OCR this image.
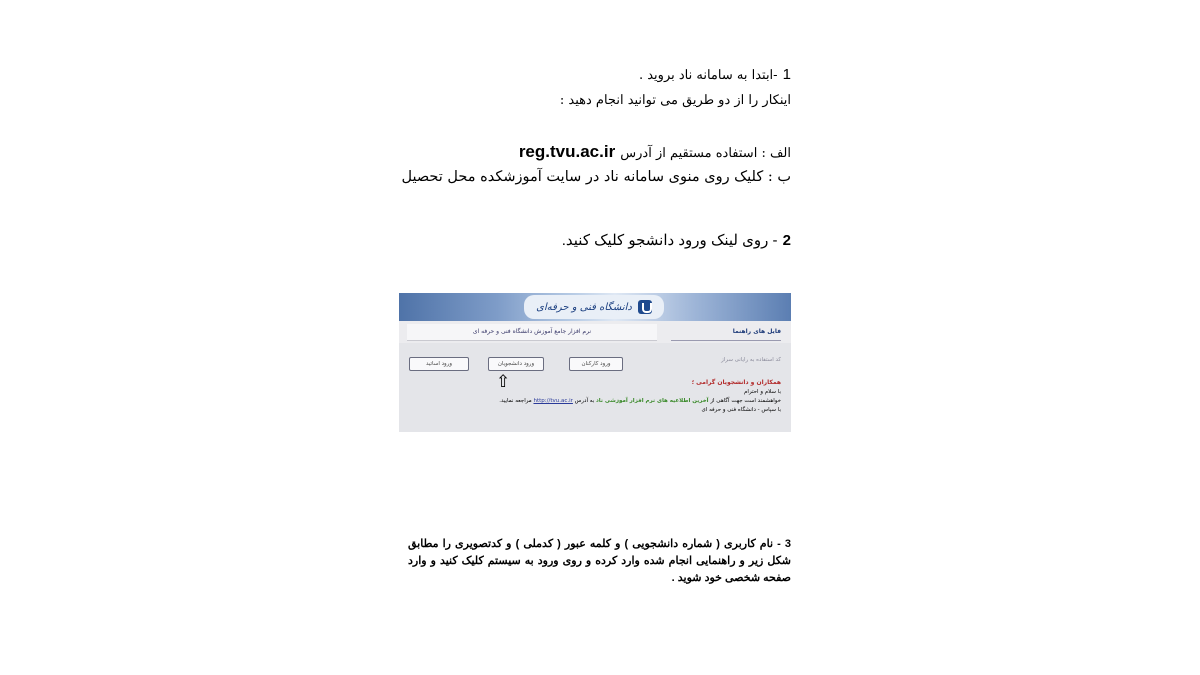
1 -ابتدا به سامانه ناد بروید .
اینکار را از دو طریق می توانید انجام دهید :
الف : استفاده مستقیم از آدرس reg.tvu.ac.ir
ب : کلیک روی منوی سامانه ناد در سایت آموزشکده محل تحصیل
2 - روی لینک ورود دانشجو کلیک کنید.
دانشگاه فنی و حرفه‌ای
نرم افزار جامع آموزش دانشگاه فنی و حرفه ای	فایل های راهنما
ورود اساتید	ورود دانشجویان	ورود کارکنان
⇧
کد استفاده به رایانی سراز
همکاران و دانشجویان گرامی ؛
با سلام و احترام
خواهشمند است جهت آگاهی از آخرین اطلاعیه های نرم افزار آموزشی ناد به آدرس http://tvu.ac.ir مراجعه نمایید.
با سپاس - دانشگاه فنی و حرفه ای
3 - نام کاربری ( شماره دانشجویی ) و کلمه عبور ( کدملی ) و کدتصویری را مطابق شکل زیر و راهنمایی انجام شده وارد کرده و روی ورود به سیستم کلیک کنید و وارد صفحه شخصی خود شوید .
